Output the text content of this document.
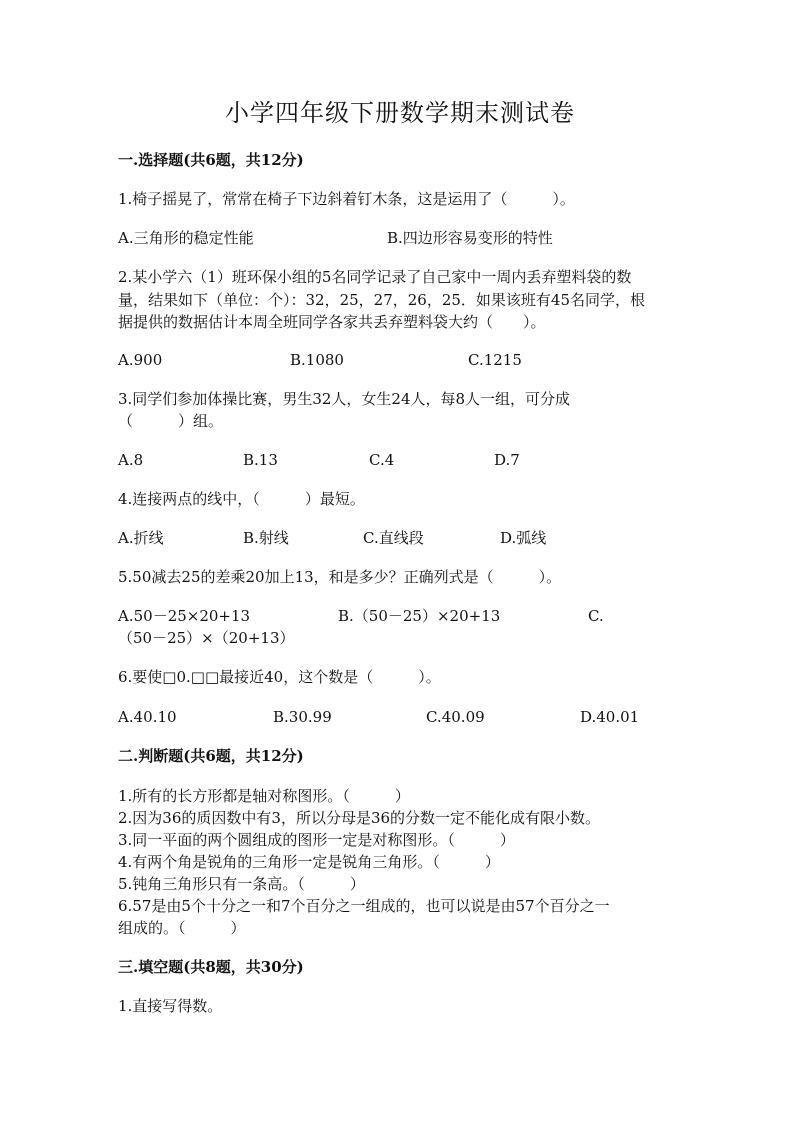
小学四年级下册数学期末测试卷
一.选择题(共6题，共12分)
1.椅子摇晃了，常常在椅子下边斜着钉木条，这是运用了（　　　）。
A.三角形的稳定性能	B.四边形容易变形的特性
2.某小学六（1）班环保小组的5名同学记录了自己家中一周内丢弃塑料袋的数
量，结果如下（单位：个）：32，25，27，26，25．如果该班有45名同学，根
据提供的数据估计本周全班同学各家共丢弃塑料袋大约（　　）。
A.900	B.1080	C.1215
3.同学们参加体操比赛，男生32人，女生24人，每8人一组，可分成
（　　　）组。
A.8	B.13	C.4	D.7
4.连接两点的线中，（　　　）最短。
A.折线	B.射线	C.直线段	D.弧线
5.50减去25的差乘20加上13，和是多少？正确列式是（　　　）。
A.50－25×20+13	B.（50－25）×20+13	C.
（50－25）×（20+13）
6.要使□0.□□最接近40，这个数是（　　　）。
A.40.10	B.30.99	C.40.09	D.40.01
二.判断题(共6题，共12分)
1.所有的长方形都是轴对称图形。（　　　）
2.因为36的质因数中有3，所以分母是36的分数一定不能化成有限小数。
3.同一平面的两个圆组成的图形一定是对称图形。（　　　）
4.有两个角是锐角的三角形一定是锐角三角形。（　　　）
5.钝角三角形只有一条高。（　　　）
6.57是由5个十分之一和7个百分之一组成的，也可以说是由57个百分之一
组成的。（　　　）
三.填空题(共8题，共30分)
1.直接写得数。
